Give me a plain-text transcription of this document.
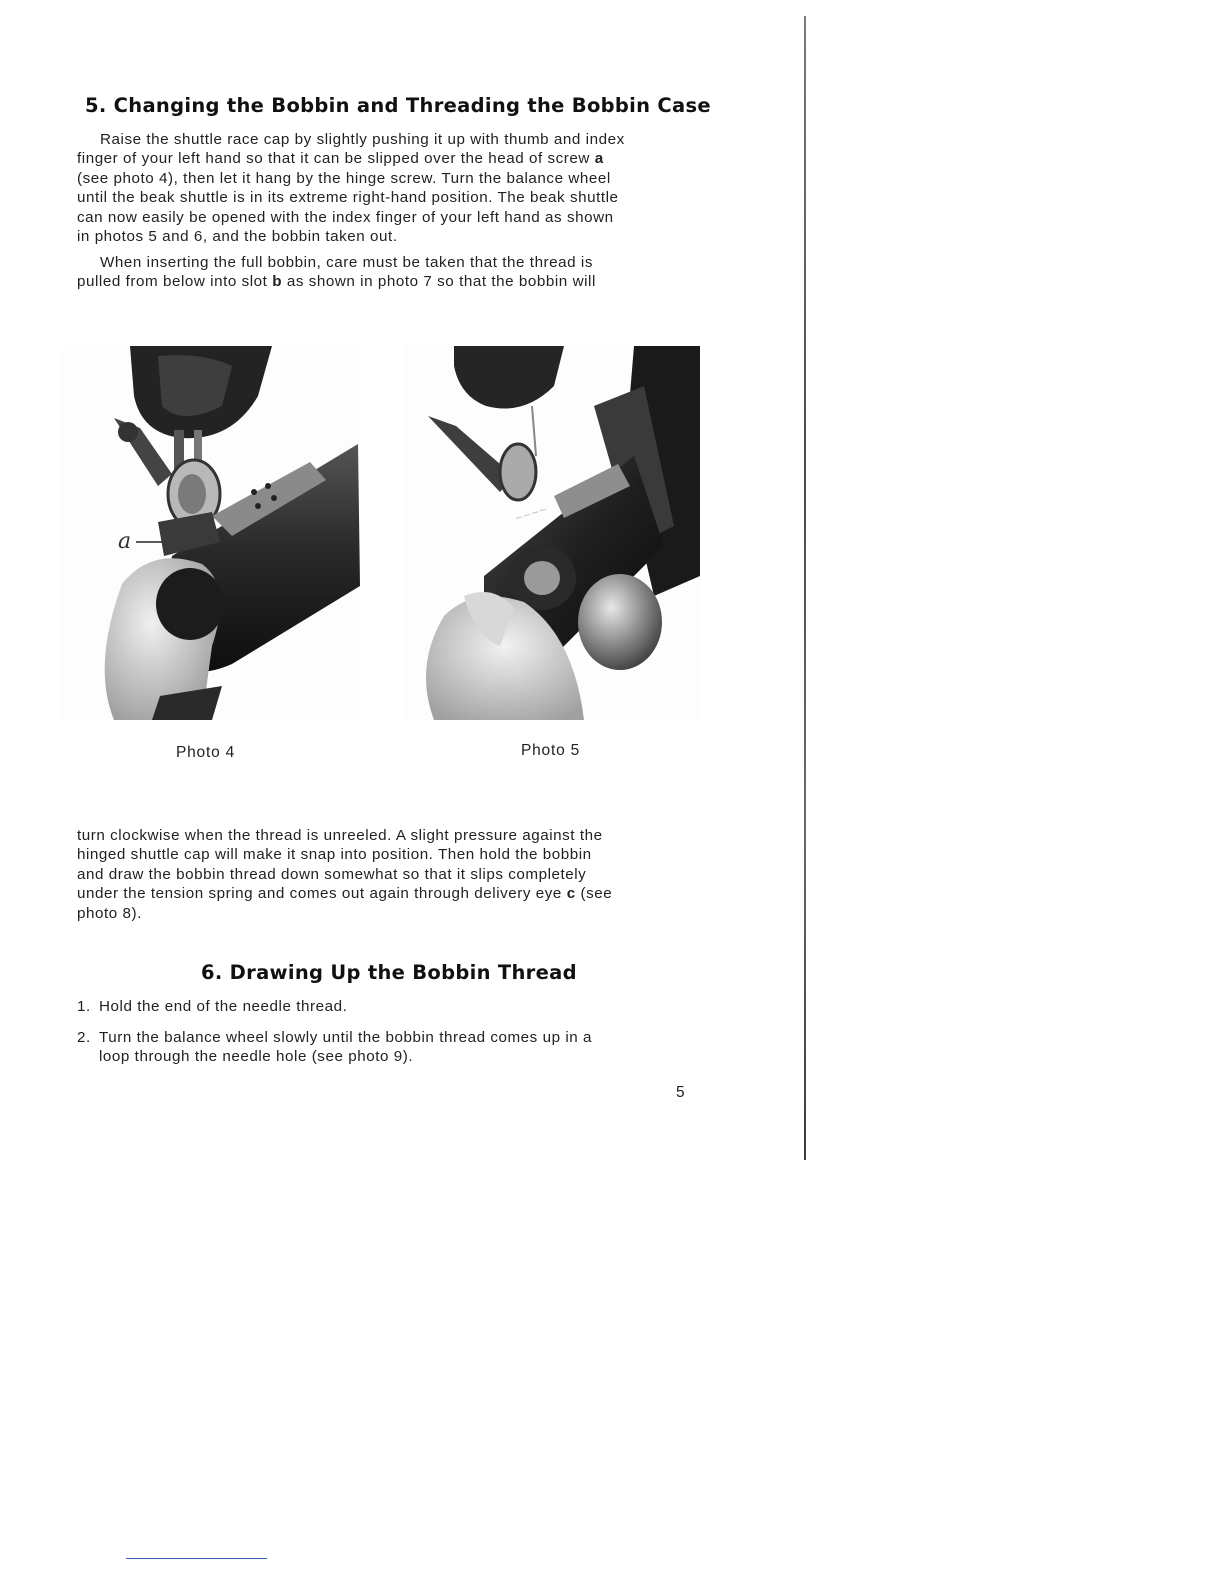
5. Changing the Bobbin and Threading the Bobbin Case

Raise the shuttle race cap by slightly pushing it up with thumb and index
finger of your left hand so that it can be slipped over the head of screw a
(see photo 4), then let it hang by the hinge screw. Turn the balance wheel
until the beak shuttle is in its extreme right-hand position. The beak shuttle
can now easily be opened with the index finger of your left hand as shown
in photos 5 and 6, and the bobbin taken out.

When inserting the full bobbin, care must be taken that the thread is
pulled from below into slot b as shown in photo 7 so that the bobbin will

a
Photo 4
~~~~
Photo 5

turn clockwise when the thread is unreeled. A slight pressure against the
hinged shuttle cap will make it snap into position. Then hold the bobbin
and draw the bobbin thread down somewhat so that it slips completely
under the tension spring and comes out again through delivery eye c (see
photo 8).

6. Drawing Up the Bobbin Thread
1. Hold the end of the needle thread.
2. Turn the balance wheel slowly until the bobbin thread comes up in a
loop through the needle hole (see photo 9).
5
